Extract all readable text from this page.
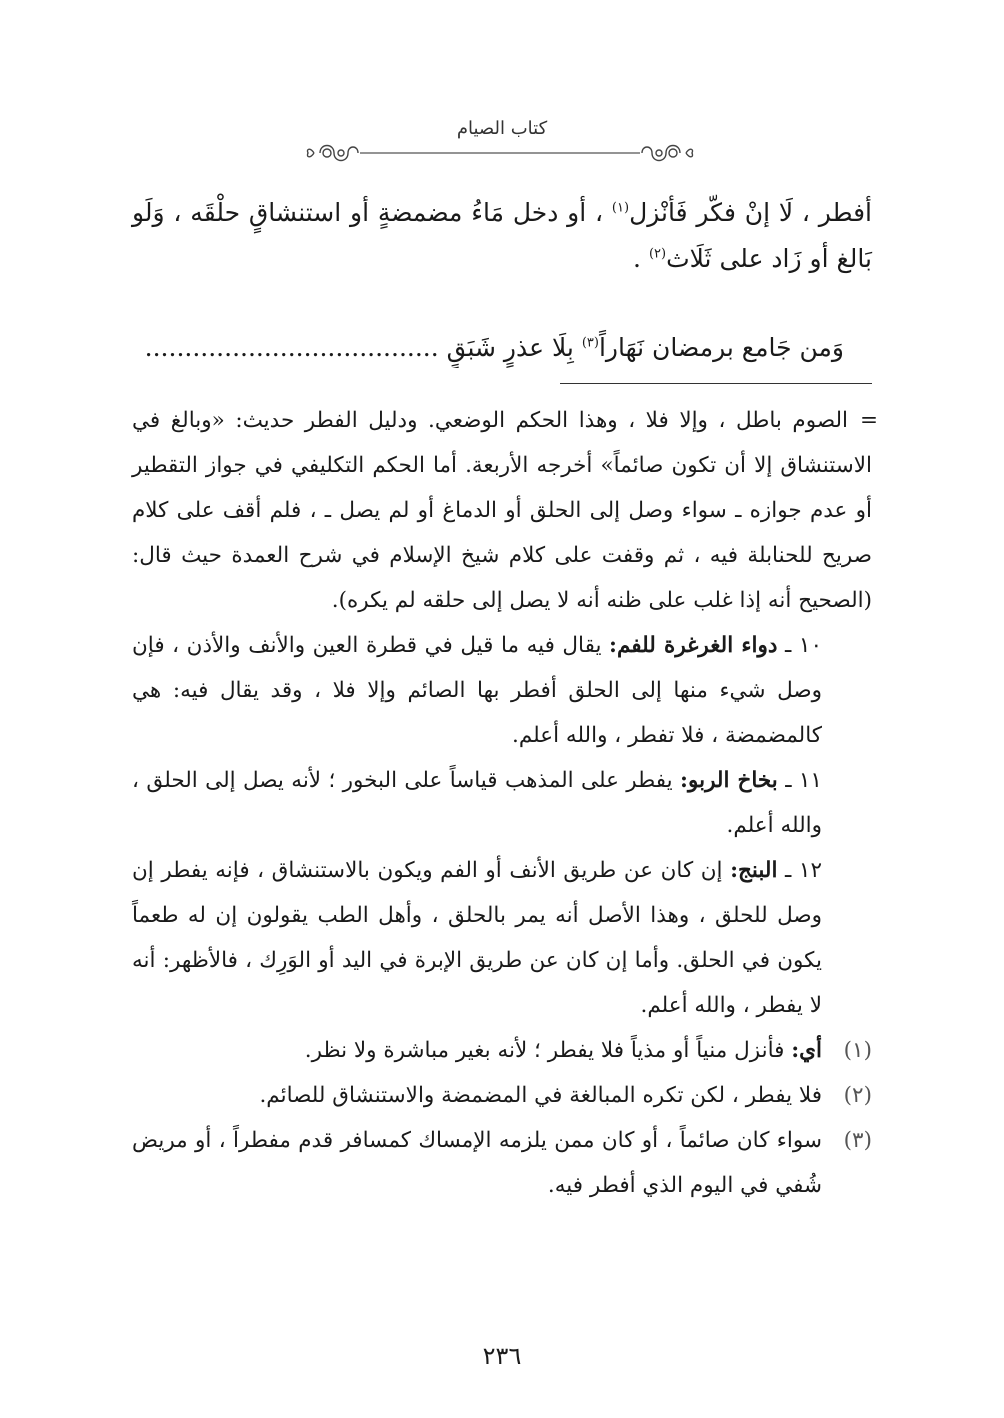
كتاب الصيام

أفطر ، لَا إنْ فكّر فَأنْزل$^{(١)}$ ، أو دخل مَاءُ مضمضةٍ أو استنشاقٍ حلْقَه ، وَلَو بَالغ أو زَاد على ثَلَاث$^{(٢)}$ .

وَمن جَامع برمضان نَهَاراً$^{(٣)}$ بِلَا عذرٍ شَبَقٍ .....................................

=
الصوم باطل ، وإلا فلا ، وهذا الحكم الوضعي. ودليل الفطر حديث: «وبالغ في الاستنشاق إلا أن تكون صائماً» أخرجه الأربعة. أما الحكم التكليفي في جواز التقطير أو عدم جوازه ـ سواء وصل إلى الحلق أو الدماغ أو لم يصل ـ ، فلم أقف على كلام صريح للحنابلة فيه ، ثم وقفت على كلام شيخ الإسلام في شرح العمدة حيث قال: (الصحيح أنه إذا غلب على ظنه أنه لا يصل إلى حلقه لم يكره).

١٠ ـ دواء الغرغرة للفم: يقال فيه ما قيل في قطرة العين والأنف والأذن ، فإن وصل شيء منها إلى الحلق أفطر بها الصائم وإلا فلا ، وقد يقال فيه: هي كالمضمضة ، فلا تفطر ، والله أعلم.

١١ ـ بخاخ الربو: يفطر على المذهب قياساً على البخور ؛ لأنه يصل إلى الحلق ، والله أعلم.

١٢ ـ البنج: إن كان عن طريق الأنف أو الفم ويكون بالاستنشاق ، فإنه يفطر إن وصل للحلق ، وهذا الأصل أنه يمر بالحلق ، وأهل الطب يقولون إن له طعماً يكون في الحلق. وأما إن كان عن طريق الإبرة في اليد أو الوَرِك ، فالأظهر: أنه لا يفطر ، والله أعلم.

(١)
أي: فأنزل منياً أو مذياً فلا يفطر ؛ لأنه بغير مباشرة ولا نظر.
(٢)
فلا يفطر ، لكن تكره المبالغة في المضمضة والاستنشاق للصائم.
(٣)
سواء كان صائماً ، أو كان ممن يلزمه الإمساك كمسافر قدم مفطراً ، أو مريض شُفي في اليوم الذي أفطر فيه.
٢٣٦
